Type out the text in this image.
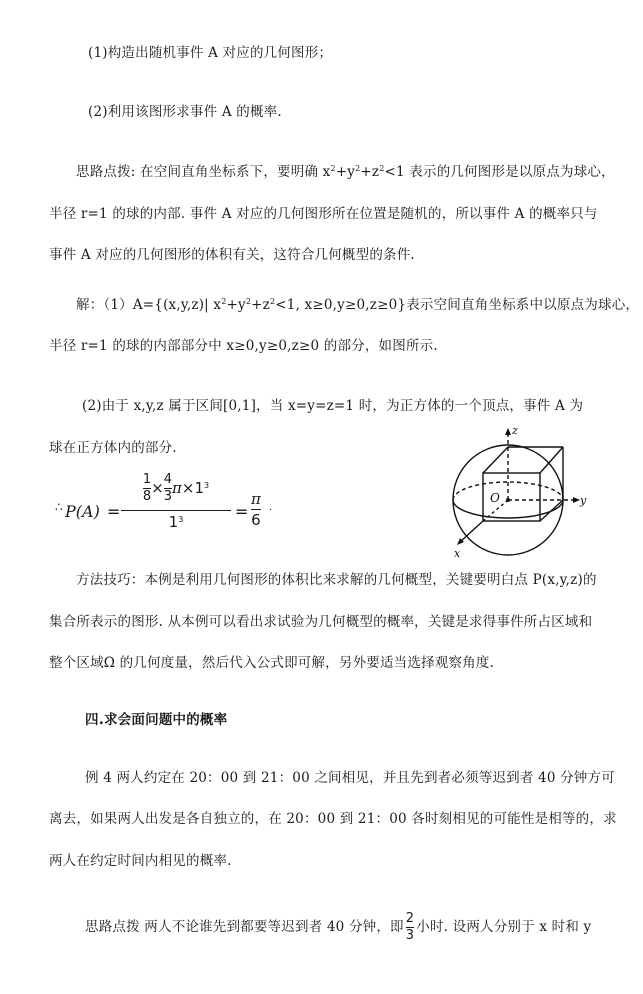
(1)构造出随机事件 A 对应的几何图形；
(2)利用该图形求事件 A 的概率.
思路点拨: 在空间直角坐标系下，要明确 $x^2+y^2+z^2<1$ 表示的几何图形是以原点为球心，
半径 r=1 的球的内部. 事件 A 对应的几何图形所在位置是随机的，所以事件 A 的概率只与
事件 A 对应的几何图形的体积有关，这符合几何概型的条件.
解：（1）A={(x,y,z)| $x^2+y^2+z^2<1$, x≥0,y≥0,z≥0}表示空间直角坐标系中以原点为球心，
半径 r=1 的球的内部部分中 x≥0,y≥0,z≥0 的部分，如图所示.
(2)由于 x,y,z 属于区间[0,1]，当 x=y=z=1 时，为正方体的一个顶点，事件 A 为
球在正方体内的部分.
∴ P(A) =
$\frac{1}{8} \times \frac{4}{3} \pi\times 1^3$
$1^3$	=
π
6
.
z
y
x
O
方法技巧：本例是利用几何图形的体积比来求解的几何概型，关键要明白点 P(x,y,z)的
集合所表示的图形. 从本例可以看出求试验为几何概型的概率，关键是求得事件所占区域和
整个区域Ω 的几何度量，然后代入公式即可解，另外要适当选择观察角度.
四.求会面问题中的概率
例 4 两人约定在 20：00 到 21：00 之间相见，并且先到者必须等迟到者 40 分钟方可
离去，如果两人出发是各自独立的，在 20：00 到 21：00 各时刻相见的可能性是相等的，求
两人在约定时间内相见的概率.
思路点拨 两人不论谁先到都要等迟到者 40 分钟，即 $\frac{2}{3}$ 小时. 设两人分别于 x 时和 y
